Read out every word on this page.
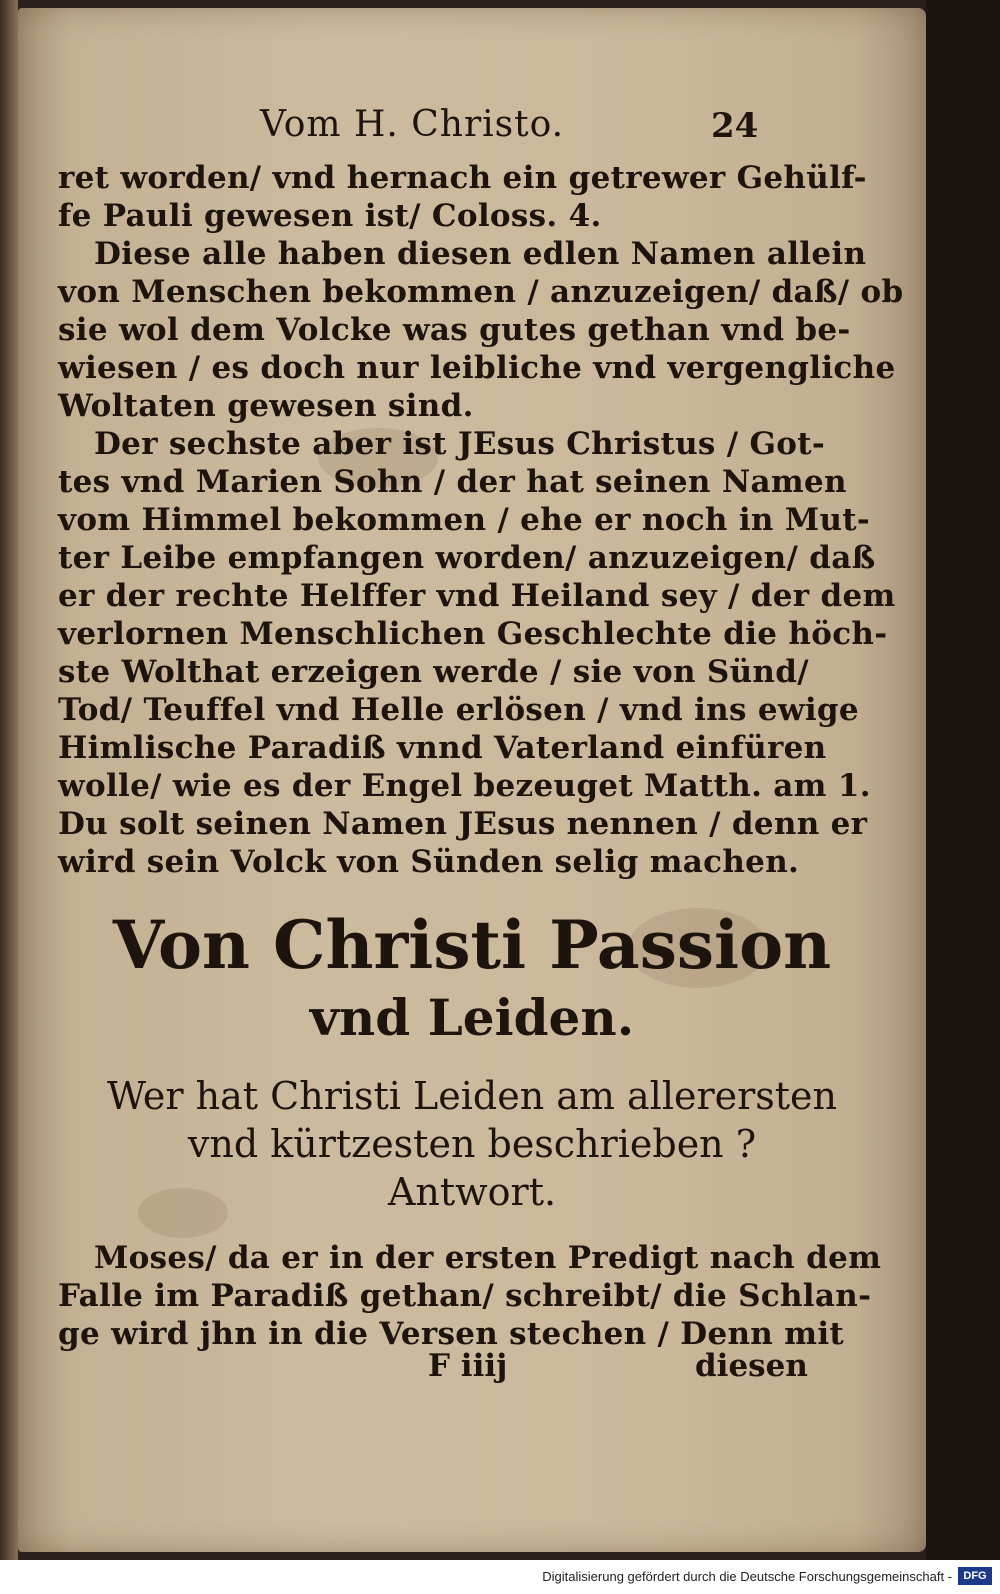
Vom H. Christo.	24
ret worden/ vnd hernach ein getrewer Gehülf-
fe Pauli gewesen ist/ Coloss. 4.
Diese alle haben diesen edlen Namen allein
von Menschen bekommen / anzuzeigen/ daß/ ob
sie wol dem Volcke was gutes gethan vnd be-
wiesen / es doch nur leibliche vnd vergengliche
Woltaten gewesen sind.
Der sechste aber ist JEsus Christus / Got-
tes vnd Marien Sohn / der hat seinen Namen
vom Himmel bekommen / ehe er noch in Mut-
ter Leibe empfangen worden/ anzuzeigen/ daß
er der rechte Helffer vnd Heiland sey / der dem
verlornen Menschlichen Geschlechte die höch-
ste Wolthat erzeigen werde / sie von Sünd/
Tod/ Teuffel vnd Helle erlösen / vnd ins ewige
Himlische Paradiß vnnd Vaterland einfüren
wolle/ wie es der Engel bezeuget Matth. am 1.
Du solt seinen Namen JEsus nennen / denn er
wird sein Volck von Sünden selig machen.
Von Christi Passion
vnd Leiden.
Wer hat Christi Leiden am allerersten
vnd kürtzesten beschrieben ?
Antwort.
Moses/ da er in der ersten Predigt nach dem
Falle im Paradiß gethan/ schreibt/ die Schlan-
ge wird jhn in die Versen stechen / Denn mit
F iiij	diesen
Digitalisierung gefördert durch die Deutsche Forschungsgemeinschaft -	DFG
